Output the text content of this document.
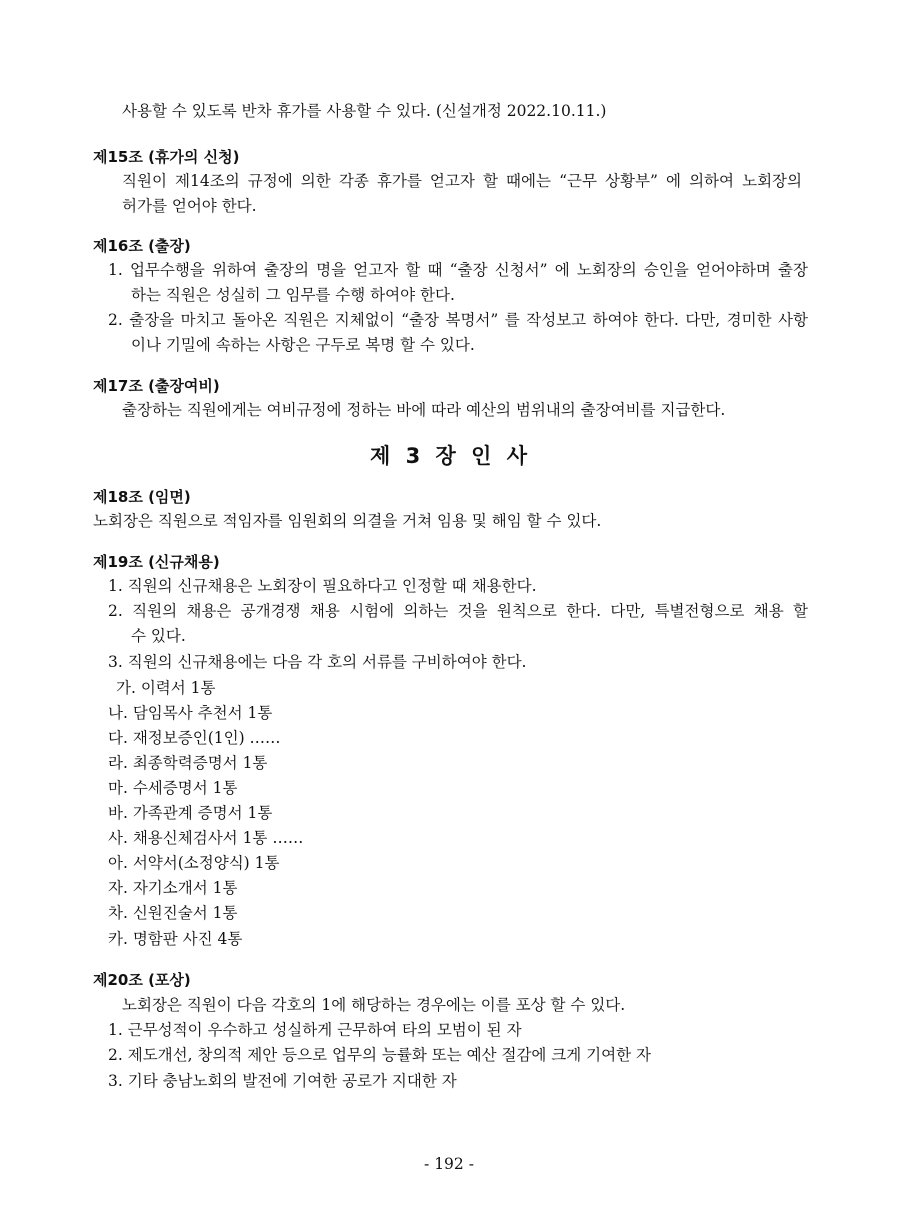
사용할 수 있도록 반차 휴가를 사용할 수 있다. (신설개정 2022.10.11.)
제15조 (휴가의 신청)
직원이 제14조의 규정에 의한 각종 휴가를 얻고자 할 때에는 “근무 상황부” 에 의하여 노회장의
허가를 얻어야 한다.
제16조 (출장)
1. 업무수행을 위하여 출장의 명을 얻고자 할 때 “출장 신청서” 에 노회장의 승인을 얻어야하며 출장
하는 직원은 성실히 그 임무를 수행 하여야 한다.
2. 출장을 마치고 돌아온 직원은 지체없이 “출장 복명서” 를 작성보고 하여야 한다. 다만, 경미한 사항
이나 기밀에 속하는 사항은 구두로 복명 할 수 있다.
제17조 (출장여비)
출장하는 직원에게는 여비규정에 정하는 바에 따라 예산의 범위내의 출장여비를 지급한다.
제 3 장 인 사
제18조 (임면)
노회장은 직원으로 적임자를 임원회의 의결을 거쳐 임용 및 해임 할 수 있다.
제19조 (신규채용)
1. 직원의 신규채용은 노회장이 필요하다고 인정할 때 채용한다.
2. 직원의 채용은 공개경쟁 채용 시험에 의하는 것을 원칙으로 한다. 다만, 특별전형으로 채용 할
수 있다.
3. 직원의 신규채용에는 다음 각 호의 서류를 구비하여야 한다.
가. 이력서 1통
나. 담임목사 추천서 1통
다. 재정보증인(1인) ……
라. 최종학력증명서 1통
마. 수세증명서 1통
바. 가족관계 증명서 1통
사. 채용신체검사서 1통 ……
아. 서약서(소정양식) 1통
자. 자기소개서 1통
차. 신원진술서 1통
카. 명함판 사진 4통
제20조 (포상)
노회장은 직원이 다음 각호의 1에 해당하는 경우에는 이를 포상 할 수 있다.
1. 근무성적이 우수하고 성실하게 근무하여 타의 모범이 된 자
2. 제도개선, 창의적 제안 등으로 업무의 능률화 또는 예산 절감에 크게 기여한 자
3. 기타 충남노회의 발전에 기여한 공로가 지대한 자
- 192 -
